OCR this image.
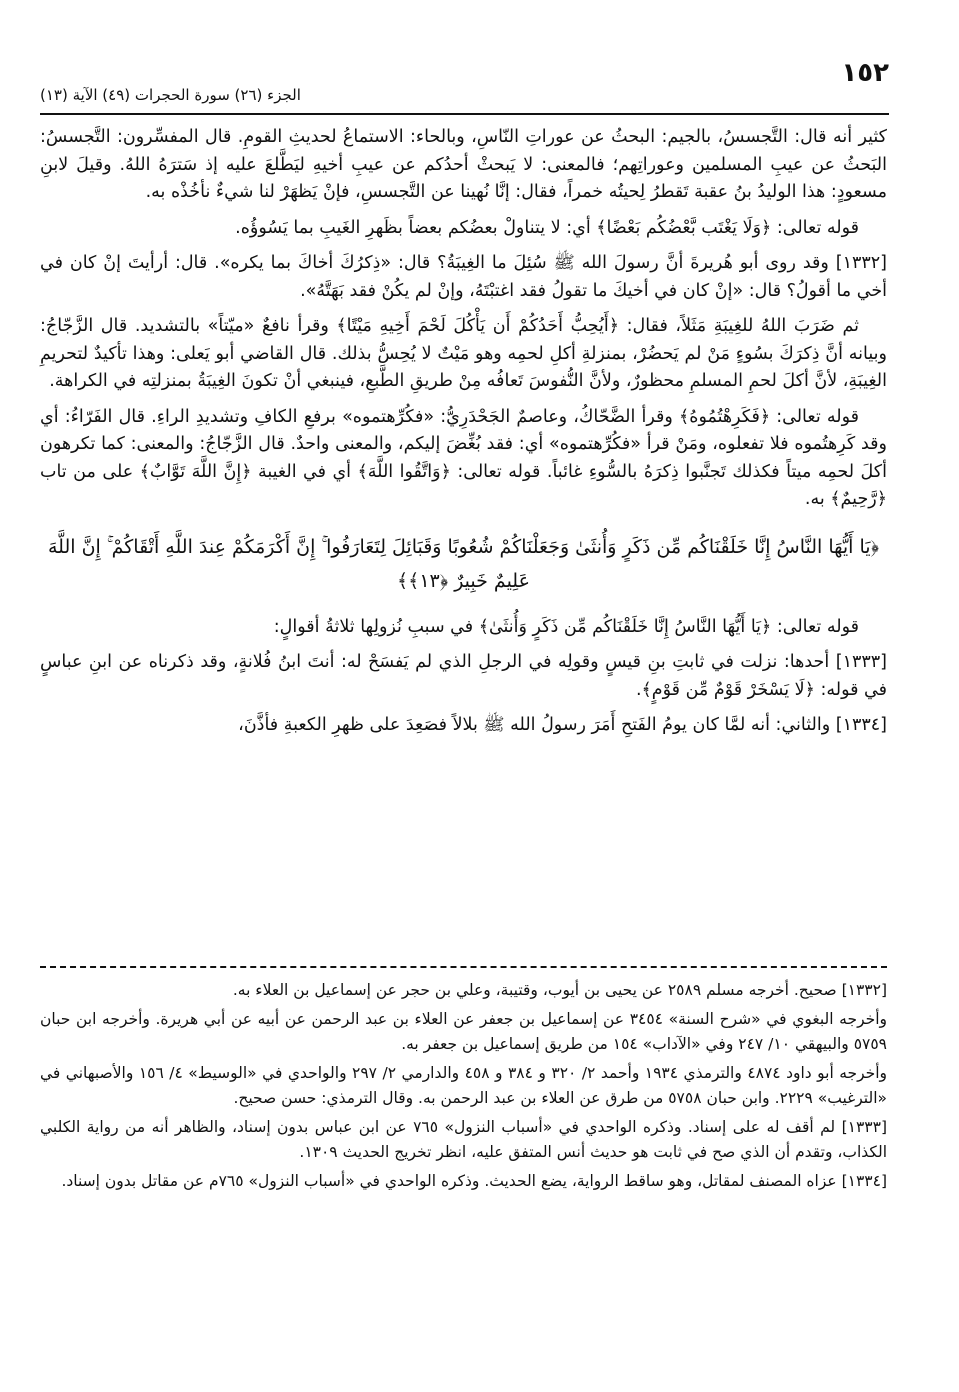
١٥٢
الجزء (٢٦) سورة الحجرات (٤٩) الآية (١٣)

كثير أنه قال: التَّجسسُ، بالجيم: البحثُ عن عوراتِ النّاسِ، وبالحاء: الاستماعُ لحديثِ القومِ. قال المفسِّرون: التَّجسسُ: البَحثُ عن عيبِ المسلمين وعوراتِهم؛ فالمعنى: لا يَبحثْ أحدُكم عن عيبِ أخيهِ ليَطَّلعَ عليه إذ سَترَهُ اللهُ. وقيلَ لابنِ مسعودٍ: هذا الوليدُ بنُ عقبة تَقطرُ لِحيتُه خمراً، فقال: إنَّا نُهينا عن التَّجسسِ، فإنْ يَظهَرْ لنا شيءٌ نأخُذْه به.

قوله تعالى: ﴿وَلَا يَغْتَب بَّعْضُكُم بَعْضًا﴾ أي: لا يتناولْ بعضُكم بعضاً بظَهرِ الغَيبِ بما يَسُوؤُه.

[١٣٣٢] وقد روى أبو هُريرةَ أنَّ رسولَ الله ﷺ سُئِلَ ما الغِيبَةُ؟ قال: «ذِكرُكَ أخاكَ بما يكره». قال: أرأيتَ إنْ كان في أخي ما أقولُ؟ قال: «إنْ كان في أخيكَ ما تقولُ فقد اغتبْتَهُ، وإنْ لم يكُنْ فقد بَهَتَّهُ».

ثم ضَرَبَ اللهُ للغِيبَةِ مَثَلاً، فقال: ﴿أَيُحِبُّ أَحَدُكُمْ أَن يَأْكُلَ لَحْمَ أَخِيهِ مَيْتًا﴾ وقرأ نافعٌ «ميّتاً» بالتشديد. قال الزَّجّاجُ: وبيانه أنَّ ذِكرَكَ بسُوءٍ مَنْ لم يَحضُرْ، بمنزلةِ أكلِ لحمِه وهو مَيْتٌ لا يُحِسُّ بذلك. قال القاضي أبو يَعلى: وهذا تأكيدٌ لتحريمِ الغِيبَةِ، لأنَّ أكلَ لحمِ المسلمِ محظورٌ، ولأنَّ النُّفوسَ تَعافُه مِنْ طريقِ الطَّبعِ، فينبغي أنْ تكونَ الغِيبَةُ بمنزلتِه في الكراهة.

قوله تعالى: ﴿فَكَرِهْتُمُوهُ﴾ وقرأ الضَّحّاكُ، وعاصمٌ الجَحْدَرِيُّ: «فكُرِّهتموه» برفعِ الكافِ وتشديدِ الراءِ. قال الفَرّاءُ: أي وقد كَرِهتُموه فلا تفعلوه، ومَنْ قرأ «فكُرِّهتموه» أي: فقد بُغِّضَ إليكم، والمعنى واحدٌ. قال الزَّجّاجُ: والمعنى: كما تكرهون أكلَ لحمِه ميتاً فكذلك تَجنَّبوا ذِكرَهُ بالسُّوءِ غائباً. قوله تعالى: ﴿وَاتَّقُوا اللَّهَ﴾ أي في الغيبة ﴿إِنَّ اللَّهَ تَوَّابٌ﴾ على من تاب ﴿رَّحِيمٌ﴾ به.

﴿يَا أَيُّهَا النَّاسُ إِنَّا خَلَقْنَاكُم مِّن ذَكَرٍ وَأُنثَىٰ وَجَعَلْنَاكُمْ شُعُوبًا وَقَبَائِلَ لِتَعَارَفُوا ۚ إِنَّ أَكْرَمَكُمْ عِندَ اللَّهِ أَتْقَاكُمْ ۚ إِنَّ اللَّهَ عَلِيمٌ خَبِيرٌ ﴿١٣﴾﴾

قوله تعالى: ﴿يَا أَيُّهَا النَّاسُ إِنَّا خَلَقْنَاكُم مِّن ذَكَرٍ وَأُنثَىٰ﴾ في سببِ نُزولِها ثلاثةُ أقوالٍ:

[١٣٣٣] أحدها: نزلت في ثابتِ بنِ قيسٍ وقولِه في الرجلِ الذي لم يَفسَحْ له: أنتَ ابنُ فُلانةٍ، وقد ذكرناه عن ابنِ عباسٍ في قوله: ﴿لَا يَسْخَرْ قَوْمٌ مِّن قَوْمٍ﴾.

[١٣٣٤] والثاني: أنه لمَّا كان يومُ الفَتحِ أَمَرَ رسولُ الله ﷺ بلالاً فصَعِدَ على ظهرِ الكعبةِ فأذَّنَ،

[١٣٣٢] صحيح. أخرجه مسلم ٢٥٨٩ عن يحيى بن أيوب، وقتيبة، وعلي بن حجر عن إسماعيل بن العلاء به.

وأخرجه البغوي في «شرح السنة» ٣٤٥٤ عن إسماعيل بن جعفر عن العلاء بن عبد الرحمن عن أبيه عن أبي هريرة. وأخرجه ابن حبان ٥٧٥٩ والبيهقي ١٠/ ٢٤٧ وفي «الآداب» ١٥٤ من طريق إسماعيل بن جعفر به.

وأخرجه أبو داود ٤٨٧٤ والترمذي ١٩٣٤ وأحمد ٢/ ٣٢٠ و ٣٨٤ و ٤٥٨ والدارمي ٢/ ٢٩٧ والواحدي في «الوسيط» ٤/ ١٥٦ والأصبهاني في «الترغيب» ٢٢٢٩. وابن حبان ٥٧٥٨ من طرق عن العلاء بن عبد الرحمن به. وقال الترمذي: حسن صحيح.

[١٣٣٣] لم أقف له على إسناد. وذكره الواحدي في «أسباب النزول» ٧٦٥ عن ابن عباس بدون إسناد، والظاهر أنه من رواية الكلبي الكذاب، وتقدم أن الذي صح في ثابت هو حديث أنس المتفق عليه، انظر تخريج الحديث ١٣٠٩.

[١٣٣٤] عزاه المصنف لمقاتل، وهو ساقط الرواية، يضع الحديث. وذكره الواحدي في «أسباب النزول» ٧٦٥م عن مقاتل بدون إسناد.
